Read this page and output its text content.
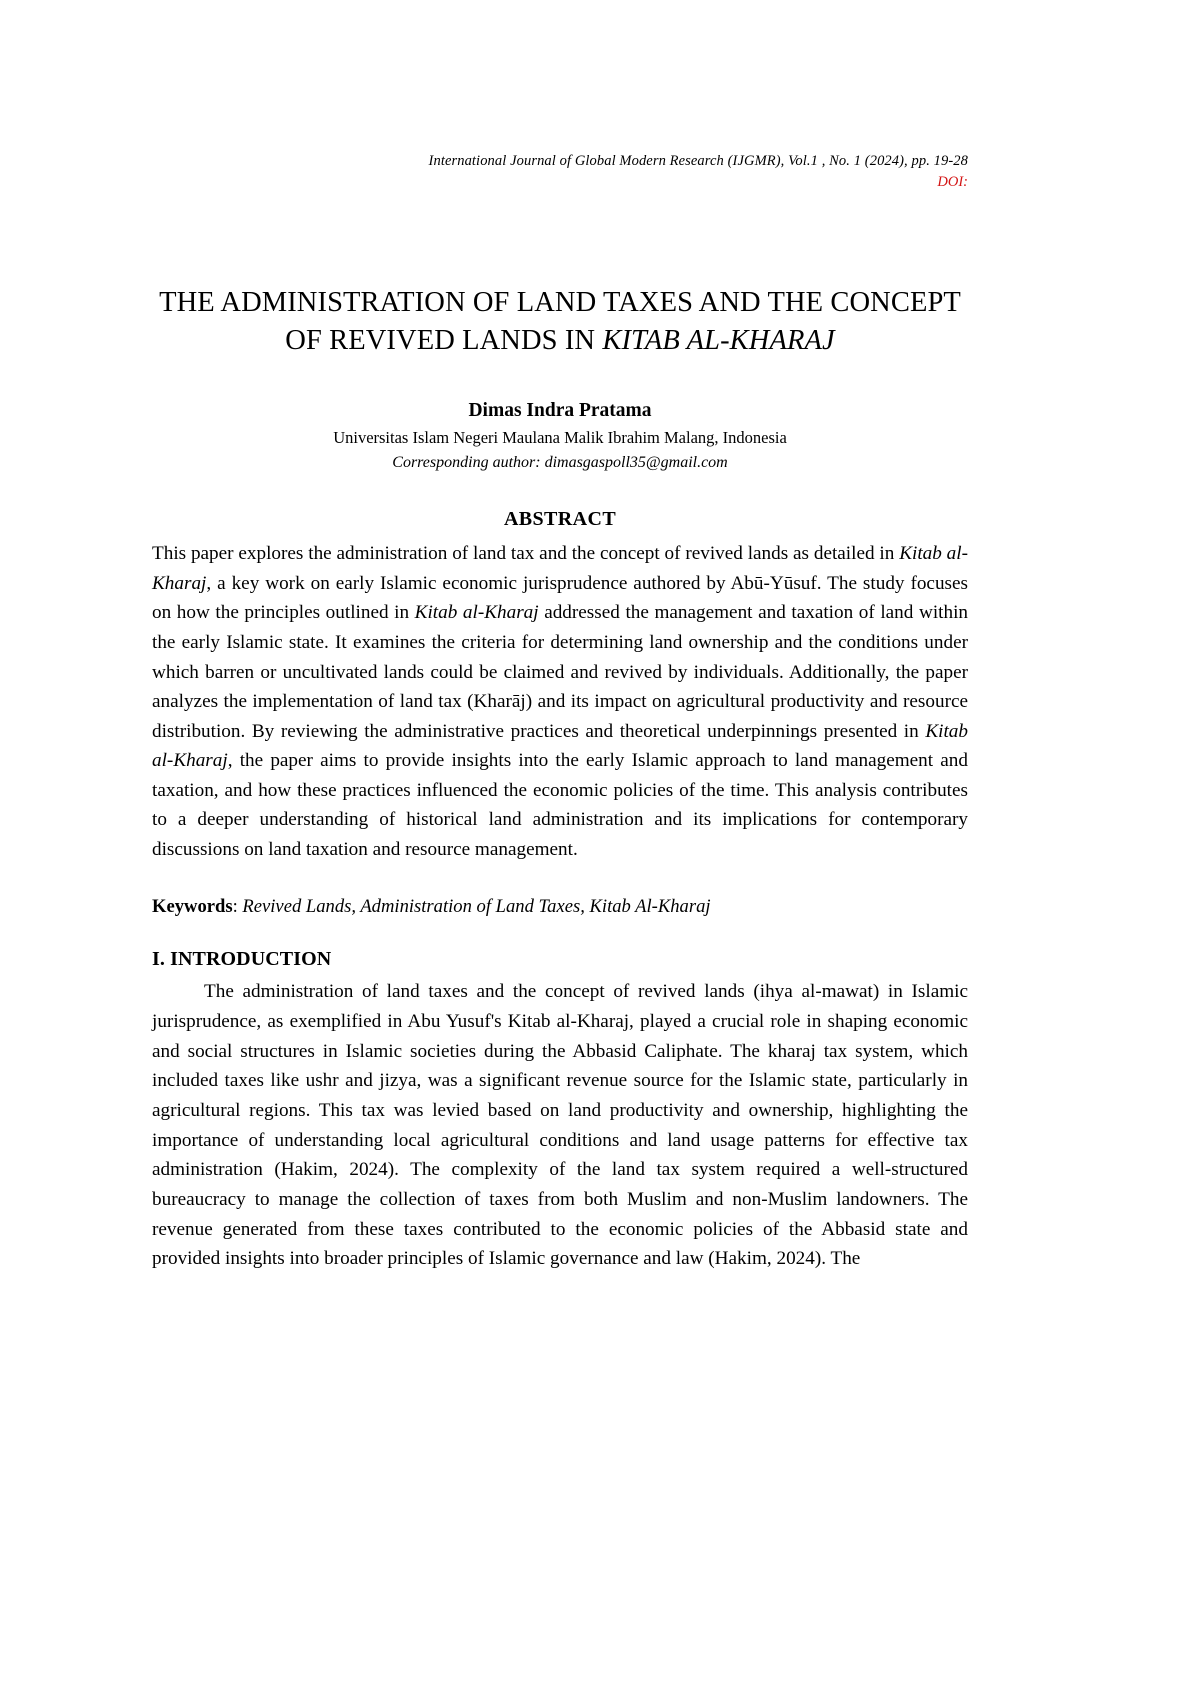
International Journal of Global Modern Research (IJGMR), Vol.1 , No. 1 (2024), pp. 19-28
DOI:
THE ADMINISTRATION OF LAND TAXES AND THE CONCEPT
OF REVIVED LANDS IN KITAB AL-KHARAJ
Dimas Indra Pratama
Universitas Islam Negeri Maulana Malik Ibrahim Malang, Indonesia
Corresponding author: dimasgaspoll35@gmail.com
ABSTRACT
This paper explores the administration of land tax and the concept of revived lands as detailed in Kitab al-Kharaj, a key work on early Islamic economic jurisprudence authored by Abū-Yūsuf. The study focuses on how the principles outlined in Kitab al-Kharaj addressed the management and taxation of land within the early Islamic state. It examines the criteria for determining land ownership and the conditions under which barren or uncultivated lands could be claimed and revived by individuals. Additionally, the paper analyzes the implementation of land tax (Kharāj) and its impact on agricultural productivity and resource distribution. By reviewing the administrative practices and theoretical underpinnings presented in Kitab al-Kharaj, the paper aims to provide insights into the early Islamic approach to land management and taxation, and how these practices influenced the economic policies of the time. This analysis contributes to a deeper understanding of historical land administration and its implications for contemporary discussions on land taxation and resource management.
Keywords: Revived Lands, Administration of Land Taxes, Kitab Al-Kharaj
I. INTRODUCTION
The administration of land taxes and the concept of revived lands (ihya al-mawat) in Islamic jurisprudence, as exemplified in Abu Yusuf's Kitab al-Kharaj, played a crucial role in shaping economic and social structures in Islamic societies during the Abbasid Caliphate. The kharaj tax system, which included taxes like ushr and jizya, was a significant revenue source for the Islamic state, particularly in agricultural regions. This tax was levied based on land productivity and ownership, highlighting the importance of understanding local agricultural conditions and land usage patterns for effective tax administration (Hakim, 2024). The complexity of the land tax system required a well-structured bureaucracy to manage the collection of taxes from both Muslim and non-Muslim landowners. The revenue generated from these taxes contributed to the economic policies of the Abbasid state and provided insights into broader principles of Islamic governance and law (Hakim, 2024). The
